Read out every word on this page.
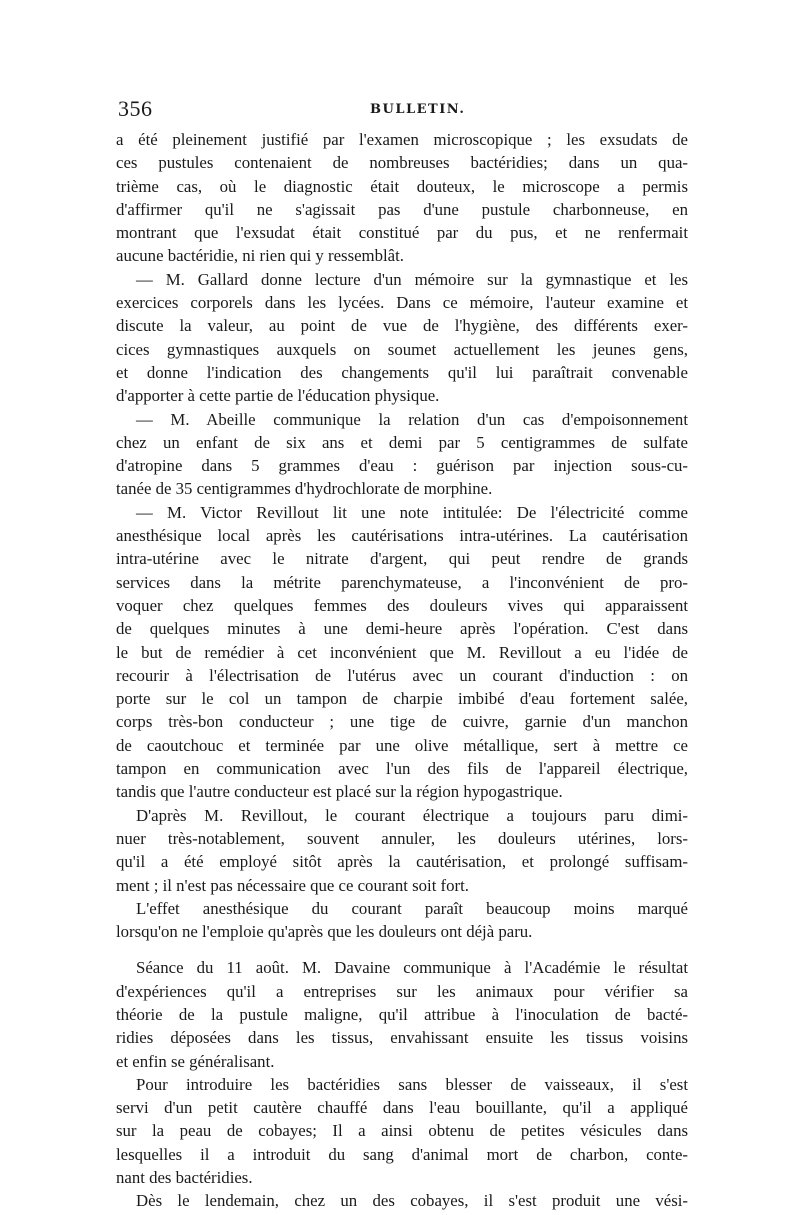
356	BULLETIN.
a été pleinement justifié par l'examen microscopique ; les exsudats de
ces pustules contenaient de nombreuses bactéridies; dans un qua-
trième cas, où le diagnostic était douteux, le microscope a permis
d'affirmer qu'il ne s'agissait pas d'une pustule charbonneuse, en
montrant que l'exsudat était constitué par du pus, et ne renfermait
aucune bactéridie, ni rien qui y ressemblât.
— M. Gallard donne lecture d'un mémoire sur la gymnastique et les
exercices corporels dans les lycées. Dans ce mémoire, l'auteur examine et
discute la valeur, au point de vue de l'hygiène, des différents exer-
cices gymnastiques auxquels on soumet actuellement les jeunes gens,
et donne l'indication des changements qu'il lui paraîtrait convenable
d'apporter à cette partie de l'éducation physique.
— M. Abeille communique la relation d'un cas d'empoisonnement
chez un enfant de six ans et demi par 5 centigrammes de sulfate
d'atropine dans 5 grammes d'eau : guérison par injection sous-cu-
tanée de 35 centigrammes d'hydrochlorate de morphine.
— M. Victor Revillout lit une note intitulée: De l'électricité comme
anesthésique local après les cautérisations intra-utérines. La cautérisation
intra-utérine avec le nitrate d'argent, qui peut rendre de grands
services dans la métrite parenchymateuse, a l'inconvénient de pro-
voquer chez quelques femmes des douleurs vives qui apparaissent
de quelques minutes à une demi-heure après l'opération. C'est dans
le but de remédier à cet inconvénient que M. Revillout a eu l'idée de
recourir à l'électrisation de l'utérus avec un courant d'induction : on
porte sur le col un tampon de charpie imbibé d'eau fortement salée,
corps très-bon conducteur ; une tige de cuivre, garnie d'un manchon
de caoutchouc et terminée par une olive métallique, sert à mettre ce
tampon en communication avec l'un des fils de l'appareil électrique,
tandis que l'autre conducteur est placé sur la région hypogastrique.
D'après M. Revillout, le courant électrique a toujours paru dimi-
nuer très-notablement, souvent annuler, les douleurs utérines, lors-
qu'il a été employé sitôt après la cautérisation, et prolongé suffisam-
ment ; il n'est pas nécessaire que ce courant soit fort.
L'effet anesthésique du courant paraît beaucoup moins marqué
lorsqu'on ne l'emploie qu'après que les douleurs ont déjà paru.
Séance du 11 août. M. Davaine communique à l'Académie le résultat
d'expériences qu'il a entreprises sur les animaux pour vérifier sa
théorie de la pustule maligne, qu'il attribue à l'inoculation de bacté-
ridies déposées dans les tissus, envahissant ensuite les tissus voisins
et enfin se généralisant.
Pour introduire les bactéridies sans blesser de vaisseaux, il s'est
servi d'un petit cautère chauffé dans l'eau bouillante, qu'il a appliqué
sur la peau de cobayes; Il a ainsi obtenu de petites vésicules dans
lesquelles il a introduit du sang d'animal mort de charbon, conte-
nant des bactéridies.
Dès le lendemain, chez un des cobayes, il s'est produit une vési-
